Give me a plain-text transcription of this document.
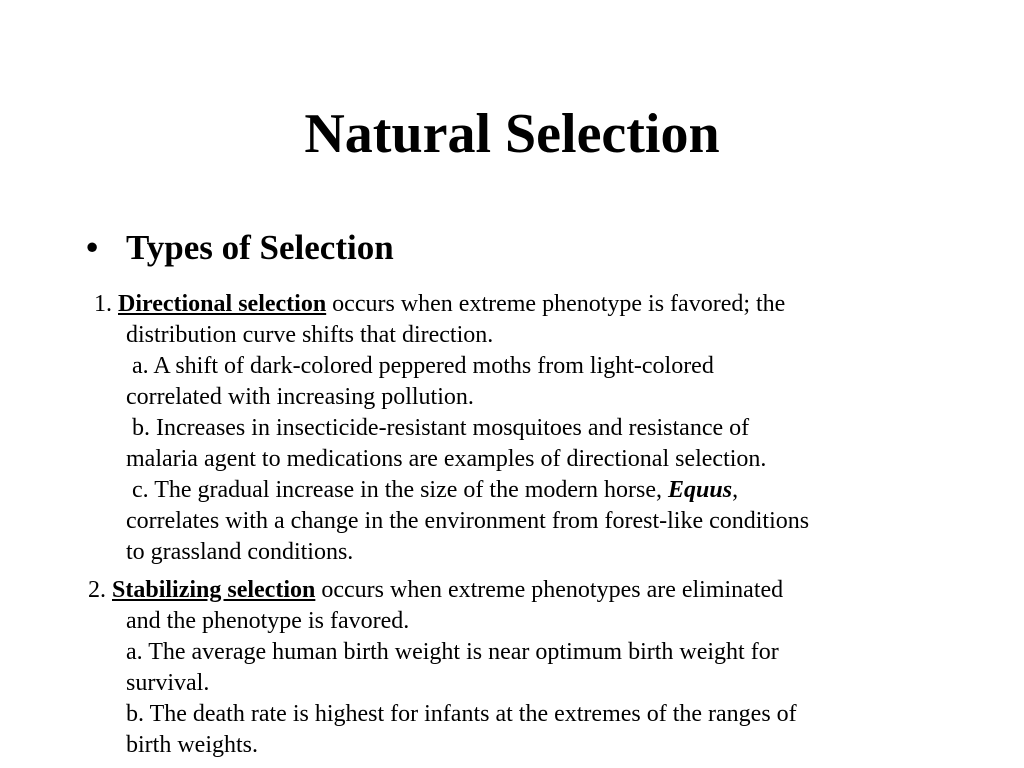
Natural Selection
• Types of Selection
1. Directional selection occurs when extreme phenotype is favored; the
distribution curve shifts that direction.
a. A shift of dark-colored peppered moths from light-colored
correlated with increasing pollution.
b. Increases in insecticide-resistant mosquitoes and resistance of
malaria agent to medications are examples of directional selection.
c. The gradual increase in the size of the modern horse, Equus,
correlates with a change in the environment from forest-like conditions
to grassland conditions.
2. Stabilizing selection occurs when extreme phenotypes are eliminated
and the phenotype is favored.
a. The average human birth weight is near optimum birth weight for
survival.
b. The death rate is highest for infants at the extremes of the ranges of
birth weights.
